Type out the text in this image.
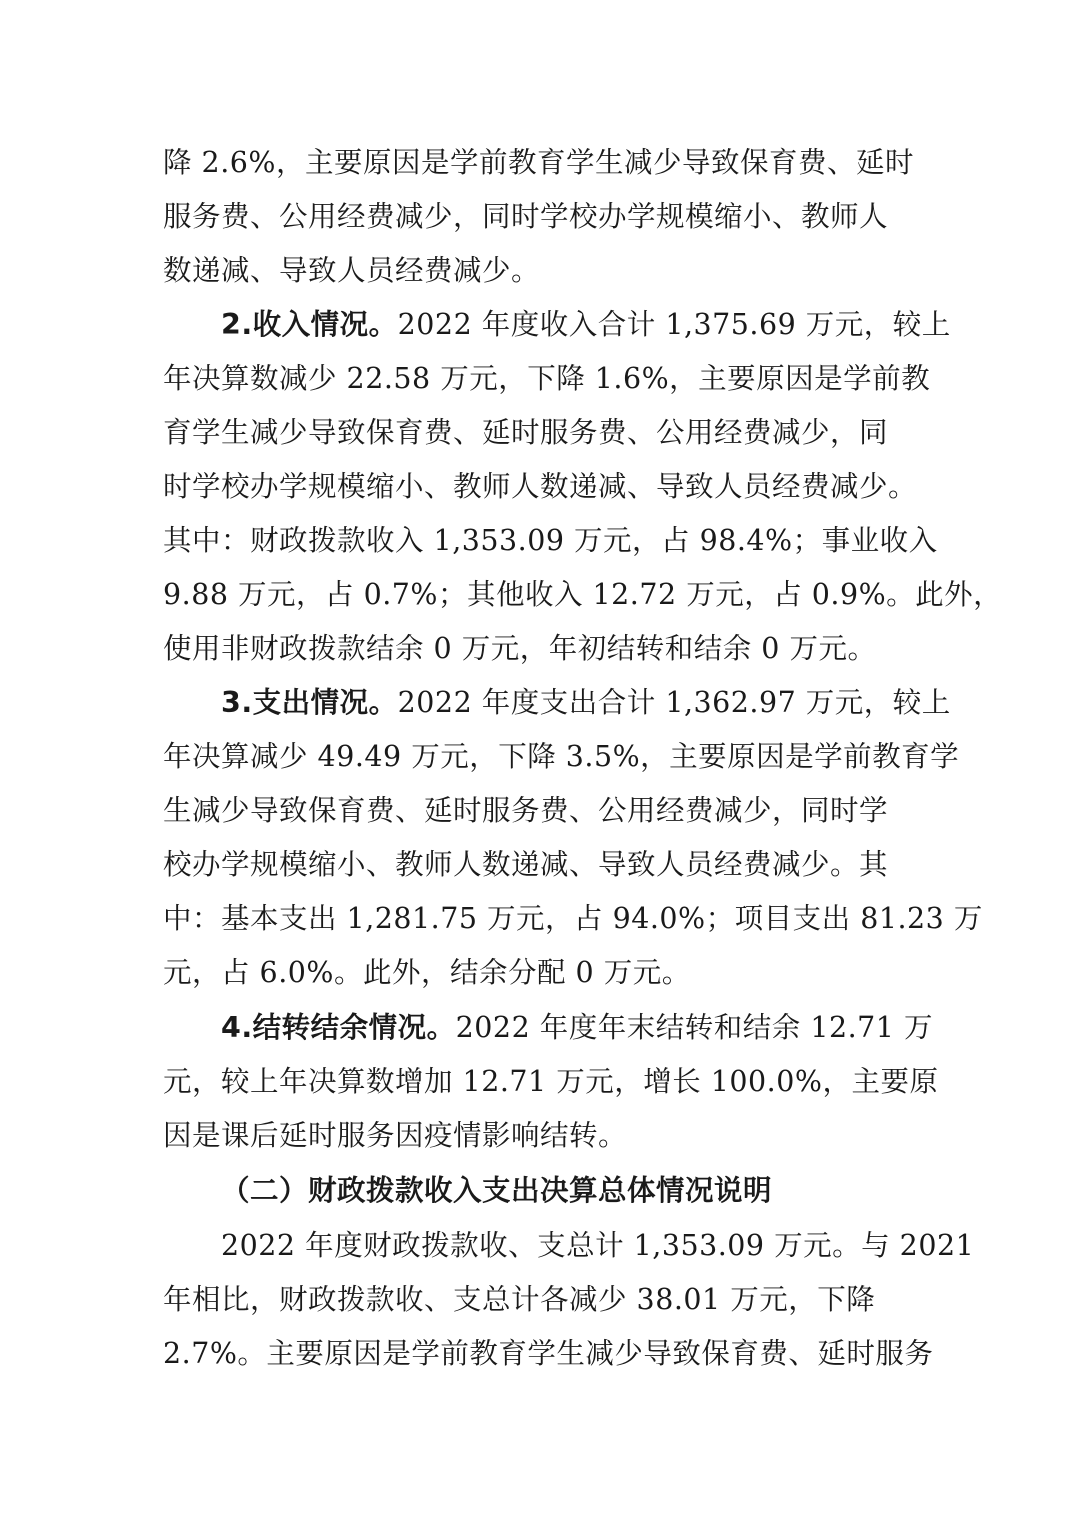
降 2.6%，主要原因是学前教育学生减少导致保育费、延时
服务费、公用经费减少，同时学校办学规模缩小、教师人
数递减、导致人员经费减少。
2.收入情况。2022 年度收入合计 1,375.69 万元，较上
年决算数减少 22.58 万元，下降 1.6%，主要原因是学前教
育学生减少导致保育费、延时服务费、公用经费减少，同
时学校办学规模缩小、教师人数递减、导致人员经费减少。
其中：财政拨款收入 1,353.09 万元，占 98.4%；事业收入
9.88 万元，占 0.7%；其他收入 12.72 万元，占 0.9%。此外，
使用非财政拨款结余 0 万元，年初结转和结余 0 万元。
3.支出情况。2022 年度支出合计 1,362.97 万元，较上
年决算减少 49.49 万元，下降 3.5%，主要原因是学前教育学
生减少导致保育费、延时服务费、公用经费减少，同时学
校办学规模缩小、教师人数递减、导致人员经费减少。其
中：基本支出 1,281.75 万元，占 94.0%；项目支出 81.23 万
元，占 6.0%。此外，结余分配 0 万元。
4.结转结余情况。2022 年度年末结转和结余 12.71 万
元，较上年决算数增加 12.71 万元，增长 100.0%，主要原
因是课后延时服务因疫情影响结转。
（二）财政拨款收入支出决算总体情况说明
2022 年度财政拨款收、支总计 1,353.09 万元。与 2021
年相比，财政拨款收、支总计各减少 38.01 万元，下降
2.7%。主要原因是学前教育学生减少导致保育费、延时服务
